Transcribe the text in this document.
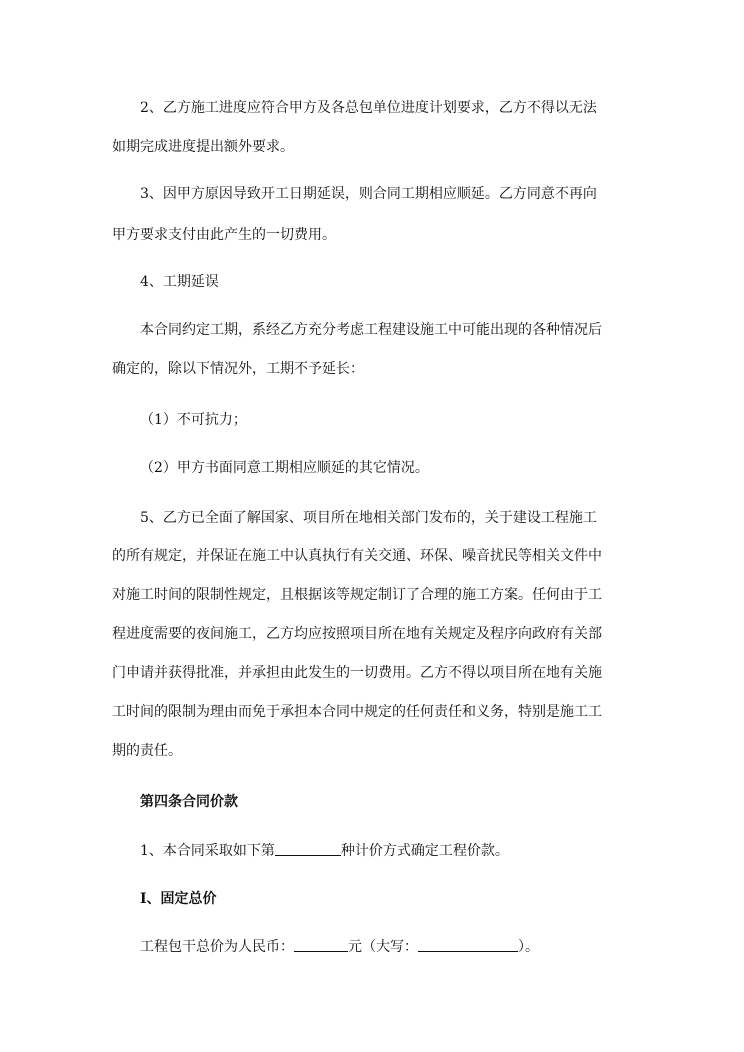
2、乙方施工进度应符合甲方及各总包单位进度计划要求，乙方不得以无法
如期完成进度提出额外要求。
3、因甲方原因导致开工日期延误，则合同工期相应顺延。乙方同意不再向
甲方要求支付由此产生的一切费用。
4、工期延误
本合同约定工期，系经乙方充分考虑工程建设施工中可能出现的各种情况后
确定的，除以下情况外，工期不予延长：
（1）不可抗力；
（2）甲方书面同意工期相应顺延的其它情况。
5、乙方已全面了解国家、项目所在地相关部门发布的，关于建设工程施工
的所有规定，并保证在施工中认真执行有关交通、环保、噪音扰民等相关文件中
对施工时间的限制性规定，且根据该等规定制订了合理的施工方案。任何由于工
程进度需要的夜间施工，乙方均应按照项目所在地有关规定及程序向政府有关部
门申请并获得批准，并承担由此发生的一切费用。乙方不得以项目所在地有关施
工时间的限制为理由而免于承担本合同中规定的任何责任和义务，特别是施工工
期的责任。
第四条合同价款
1、本合同采取如下第	种计价方式确定工程价款。
I、固定总价
工程包干总价为人民币：	元（大写：	）。
